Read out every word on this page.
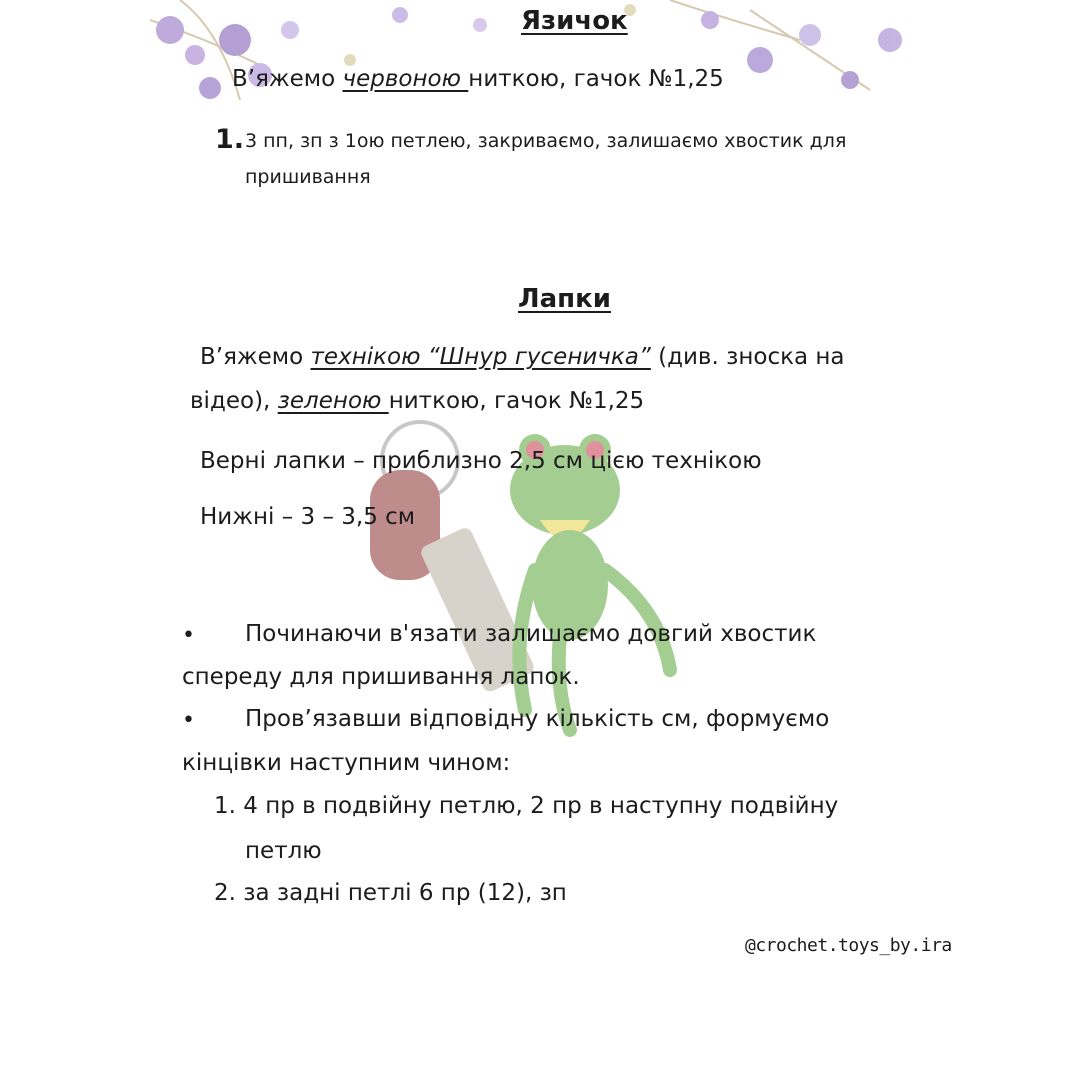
Язичок

В’яжемо червоною ниткою, гачок №1,25

1. 3 пп, зп з 1ою петлею, закриваємо, залишаємо хвостик для

пришивання

Лапки

В’яжемо технікою “Шнур гусеничка” (див. зноска на

відео), зеленою ниткою, гачок №1,25

Верні лапки – приблизно 2,5 см цією технікою

Нижні – 3 – 3,5 см

• Починаючи в'язати залишаємо довгий хвостик

спереду для пришивання лапок.

• Пров’язавши відповідну кількість см, формуємо

кінцівки наступним чином:

1. 4 пр в подвійну петлю, 2 пр в наступну подвійну

петлю

2. за задні петлі 6 пр (12), зп

@crochet.toys_by.ira
